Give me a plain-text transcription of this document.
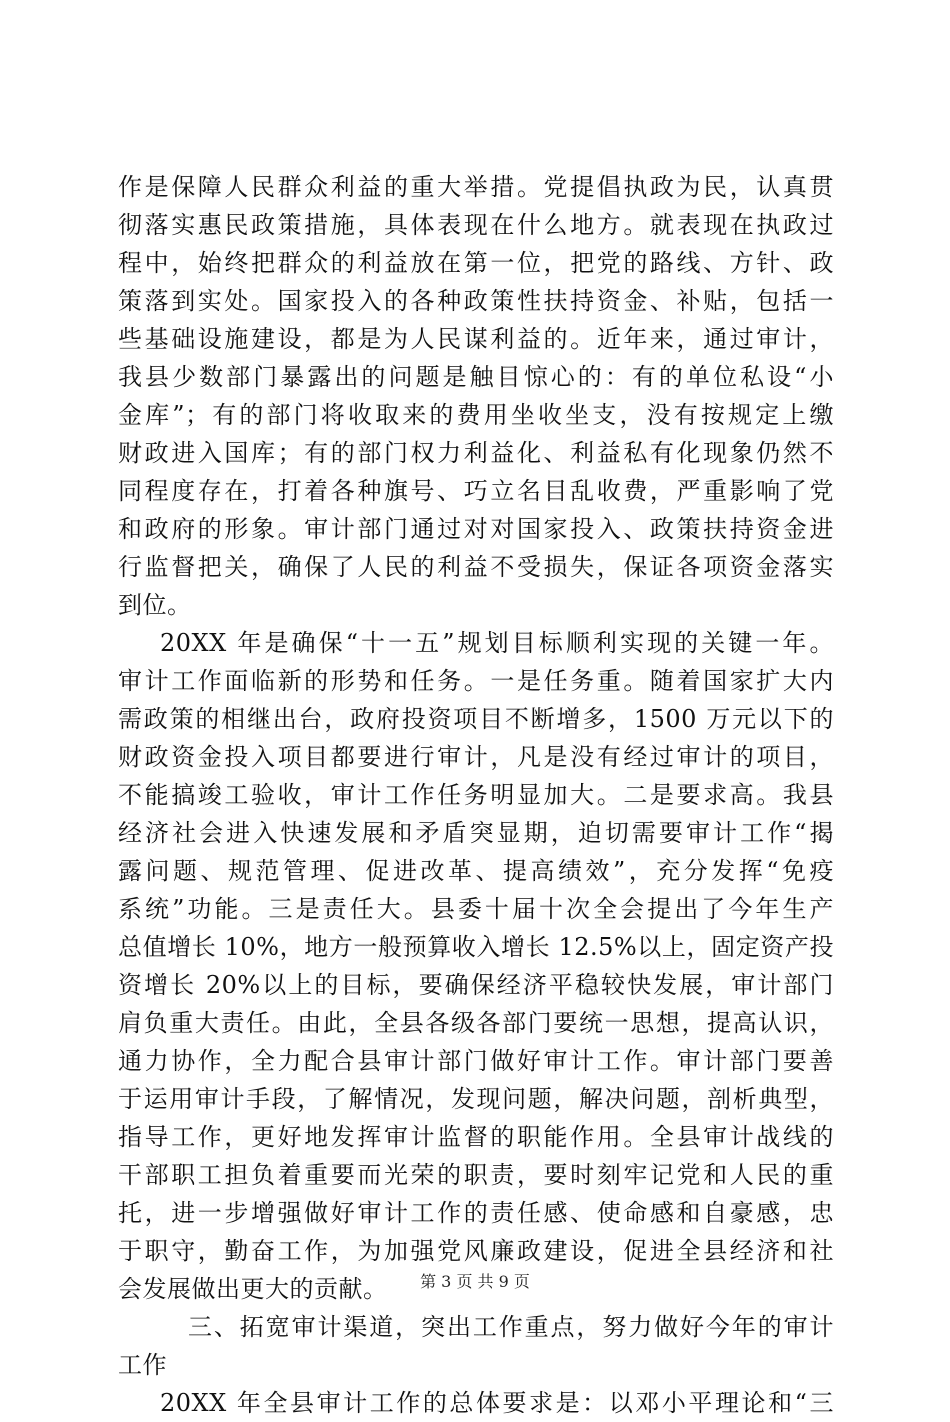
作是保障人民群众利益的重大举措。党提倡执政为民，认真贯
彻落实惠民政策措施，具体表现在什么地方。就表现在执政过
程中，始终把群众的利益放在第一位，把党的路线、方针、政
策落到实处。国家投入的各种政策性扶持资金、补贴，包括一
些基础设施建设，都是为人民谋利益的。近年来，通过审计，
我县少数部门暴露出的问题是触目惊心的：有的单位私设“小
金库”；有的部门将收取来的费用坐收坐支，没有按规定上缴
财政进入国库；有的部门权力利益化、利益私有化现象仍然不
同程度存在，打着各种旗号、巧立名目乱收费，严重影响了党
和政府的形象。审计部门通过对对国家投入、政策扶持资金进
行监督把关，确保了人民的利益不受损失，保证各项资金落实
到位。
20XX 年是确保“十一五”规划目标顺利实现的关键一年。
审计工作面临新的形势和任务。一是任务重。随着国家扩大内
需政策的相继出台，政府投资项目不断增多，1500 万元以下的
财政资金投入项目都要进行审计，凡是没有经过审计的项目，
不能搞竣工验收，审计工作任务明显加大。二是要求高。我县
经济社会进入快速发展和矛盾突显期，迫切需要审计工作“揭
露问题、规范管理、促进改革、提高绩效”，充分发挥“免疫
系统”功能。三是责任大。县委十届十次全会提出了今年生产
总值增长 10%，地方一般预算收入增长 12.5%以上，固定资产投
资增长 20%以上的目标，要确保经济平稳较快发展，审计部门
肩负重大责任。由此，全县各级各部门要统一思想，提高认识，
通力协作，全力配合县审计部门做好审计工作。审计部门要善
于运用审计手段，了解情况，发现问题，解决问题，剖析典型，
指导工作，更好地发挥审计监督的职能作用。全县审计战线的
干部职工担负着重要而光荣的职责，要时刻牢记党和人民的重
托，进一步增强做好审计工作的责任感、使命感和自豪感，忠
于职守，勤奋工作，为加强党风廉政建设，促进全县经济和社
会发展做出更大的贡献。
三、拓宽审计渠道，突出工作重点，努力做好今年的审计
工作
20XX 年全县审计工作的总体要求是：以邓小平理论和“三
第 3 页 共 9 页
